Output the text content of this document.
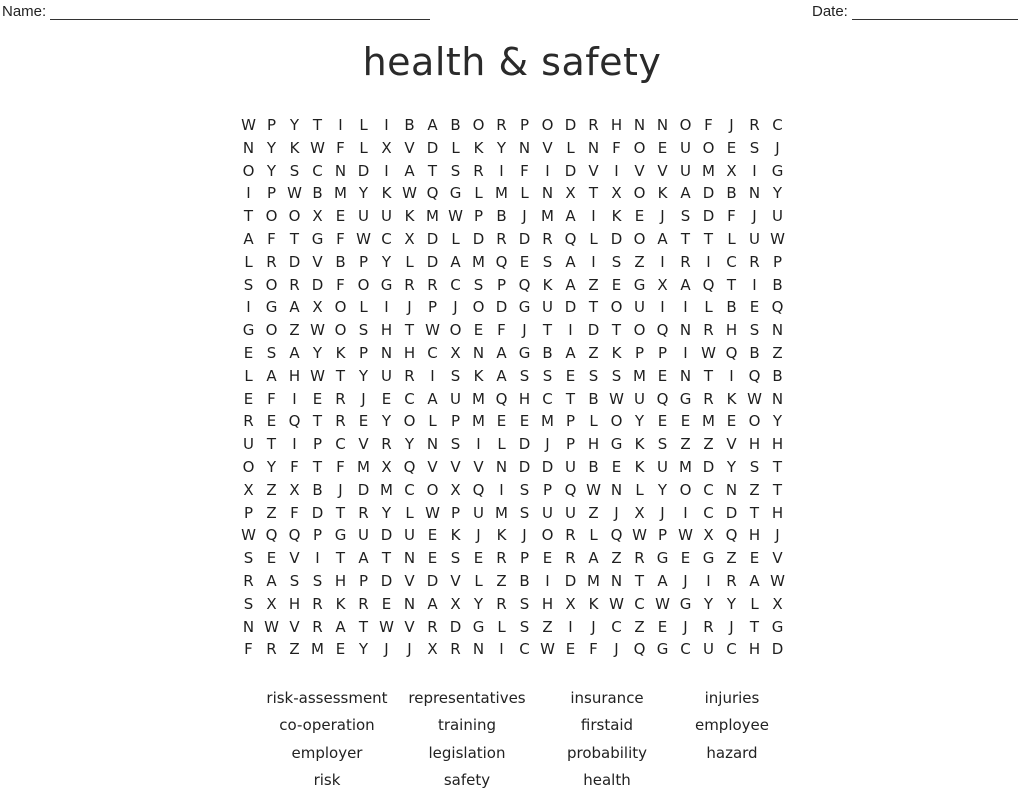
Name:	Date:
health & safety
W P Y T	I	L	I	B A B O R P O D R H N N O F	J	R C
N Y K W F L X V D L K Y N V L N F O E U O E S	J
O Y S C N D	I	A T S R	I	F	I	D V	I	V V U M X	I G
I	P W B M Y K W Q G L M L N X T X O K A D B N Y
T O O X E U U K M W P B	J M A	I	K E	J	S D F	J	U
A F T G F W C X D L D R D R Q L D O A T T L U W
L R D V B P Y L D A M Q E S A	I	S Z	I	R	I	C R P
S O R D F O G R R C S P Q K A Z E G X A Q T	I	B
I G A X O L	I	J	P	J O D G U D T O U	I	I	L B E Q
G O Z W O S H T W O E F	J	T	I	D T O Q N R H S N
E S A Y K P N H C X N A G B A Z K P P	I W Q B Z
L A H W T Y U R	I	S K A S S E S S M E N T	I Q B
E F	I	E R	J	E C A U M Q H C T B W U Q G R K W N
R E Q T R E Y O L P M E E M P L O Y E E M E O Y
U T	I	P C V R Y N S	I	L D	J	P H G K S Z Z V H H
O Y F T F M X Q V V V N D D U B E K U M D Y S T
X Z X B	J	D M C O X Q I	S P Q W N L Y O C N Z T
P Z F D T R Y L W P U M S U U Z	J	X	J	I	C D T H
W Q Q P G U D U E K	J	K	J O R L Q W P W X Q H	J
S E V	I	T A T N E S E R P E R A Z R G E G Z E V
R A S S H P D V D V L Z B	I	D M N T A	J	I	R A W
S X H R K R E N A X Y R S H X K W C W G Y Y L X
N W V R A T W V R D G L S Z	I	J	C Z E	J	R	J	T G
F R Z M E Y	J	J	X R N	I	C W E F	J Q G C U C H D
risk-assessment	representatives	insurance	injuries
co-operation	training	firstaid	employee
employer	legislation	probability	hazard
risk	safety	health
